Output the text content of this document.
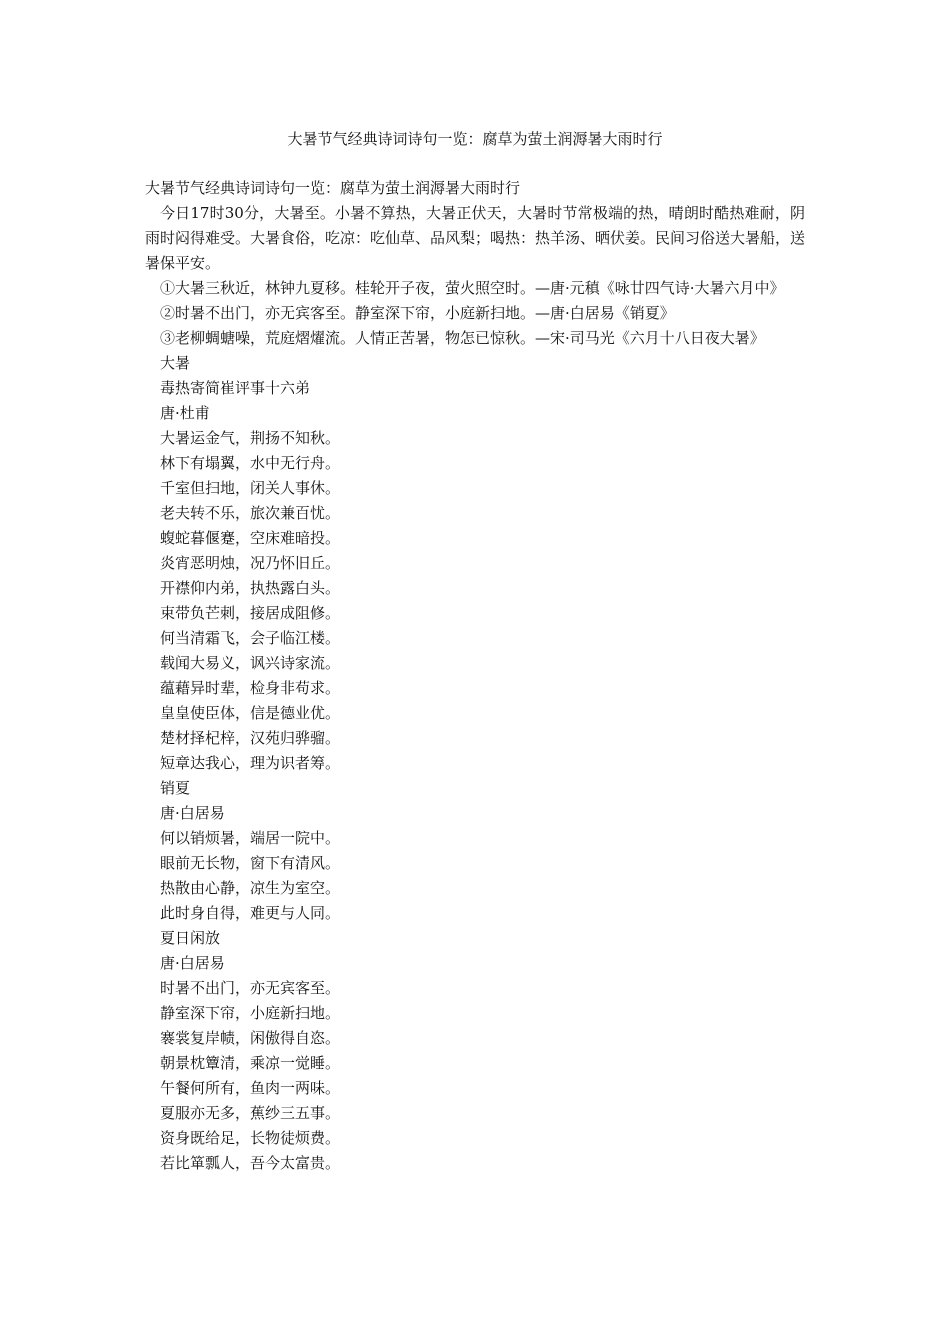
大暑节气经典诗词诗句一览：腐草为萤土润溽暑大雨时行

大暑节气经典诗词诗句一览：腐草为萤土润溽暑大雨时行

今日17时30分，大暑至。小暑不算热，大暑正伏天，大暑时节常极端的热，晴朗时酷热难耐，阴雨时闷得难受。大暑食俗，吃凉：吃仙草、品风梨；喝热：热羊汤、晒伏姜。民间习俗送大暑船，送暑保平安。

①大暑三秋近，林钟九夏移。桂轮开子夜，萤火照空时。—唐·元稹《咏廿四气诗·大暑六月中》

②时暑不出门，亦无宾客至。静室深下帘，小庭新扫地。—唐·白居易《销夏》

③老柳蜩螗噪，荒庭熠燿流。人情正苦暑，物怎已惊秋。—宋·司马光《六月十八日夜大暑》

大暑

毒热寄简崔评事十六弟

唐·杜甫

大暑运金气，荆扬不知秋。

林下有塌翼，水中无行舟。

千室但扫地，闭关人事休。

老夫转不乐，旅次兼百忧。

蝮蛇暮偃蹇，空床难暗投。

炎宵恶明烛，况乃怀旧丘。

开襟仰内弟，执热露白头。

束带负芒刺，接居成阻修。

何当清霜飞，会子临江楼。

载闻大易义，讽兴诗家流。

蕴藉异时辈，检身非苟求。

皇皇使臣体，信是德业优。

楚材择杞梓，汉苑归骅骝。

短章达我心，理为识者筹。

销夏

唐·白居易

何以销烦暑，端居一院中。

眼前无长物，窗下有清风。

热散由心静，凉生为室空。

此时身自得，难更与人同。

夏日闲放

唐·白居易

时暑不出门，亦无宾客至。

静室深下帘，小庭新扫地。

褰裳复岸帻，闲傲得自恣。

朝景枕簟清，乘凉一觉睡。

午餐何所有，鱼肉一两味。

夏服亦无多，蕉纱三五事。

资身既给足，长物徒烦费。

若比箪瓢人，吾今太富贵。
